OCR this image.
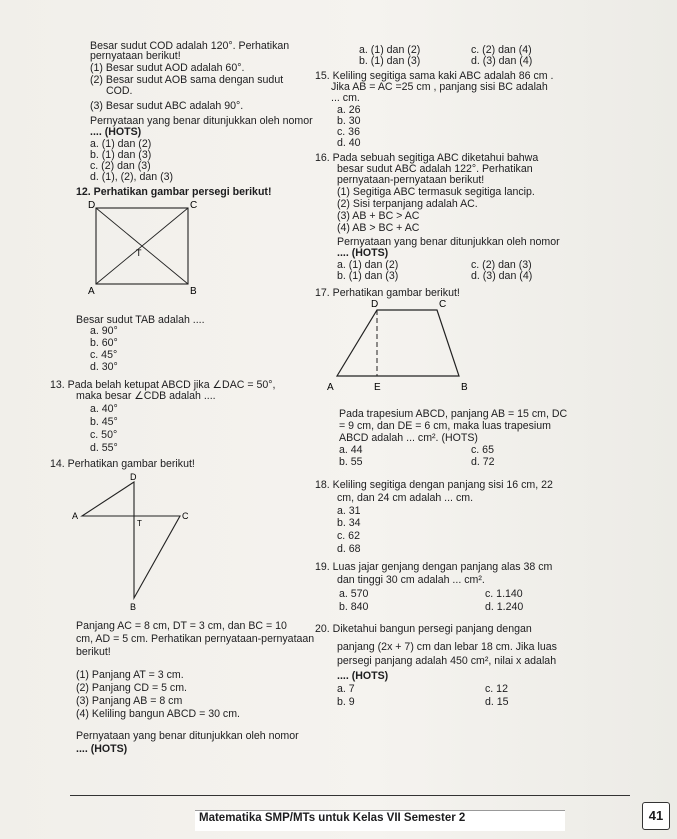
Besar sudut COD adalah 120°. Perhatikan
pernyataan berikut!
(1) Besar sudut AOD adalah 60°.
(2) Besar sudut AOB sama dengan sudut
COD.
(3) Besar sudut ABC adalah 90°.
Pernyataan yang benar ditunjukkan oleh nomor
.... (HOTS)
a. (1) dan (2)
b. (1) dan (3)
c. (2) dan (3)
d. (1), (2), dan (3)
12. Perhatikan gambar persegi berikut!
D	C
A	B
T
Besar sudut TAB adalah ....
a. 90°
b. 60°
c. 45°
d. 30°
13. Pada belah ketupat ABCD jika ∠DAC = 50°,
maka besar ∠CDB adalah ....
a. 40°
b. 45°
c. 50°
d. 55°
14. Perhatikan gambar berikut!
D
A	C
B
T
Panjang AC = 8 cm, DT = 3 cm, dan BC = 10
cm, AD = 5 cm. Perhatikan pernyataan-pernyataan
berikut!
(1) Panjang AT = 3 cm.
(2) Panjang CD = 5 cm.
(3) Panjang AB = 8 cm
(4) Keliling bangun ABCD = 30 cm.
Pernyataan yang benar ditunjukkan oleh nomor
.... (HOTS)
a. (1) dan (2)	c. (2) dan (4)
b. (1) dan (3)	d. (3) dan (4)
15. Keliling segitiga sama kaki ABC adalah 86 cm .
Jika AB = AC =25 cm , panjang sisi BC adalah
... cm.
a. 26
b. 30
c. 36
d. 40
16. Pada sebuah segitiga ABC diketahui bahwa
besar sudut ABC adalah 122°. Perhatikan
pernyataan-pernyataan berikut!
(1) Segitiga ABC termasuk segitiga lancip.
(2) Sisi terpanjang adalah AC.
(3) AB + BC > AC
(4) AB > BC + AC
Pernyataan yang benar ditunjukkan oleh nomor
.... (HOTS)
a. (1) dan (2)	c. (2) dan (3)
b. (1) dan (3)	d. (3) dan (4)
17. Perhatikan gambar berikut!
D	C
A	E	B
Pada trapesium ABCD, panjang AB = 15 cm, DC
= 9 cm, dan DE = 6 cm, maka luas trapesium
ABCD adalah ... cm². (HOTS)
a. 44	c. 65
b. 55	d. 72
18. Keliling segitiga dengan panjang sisi 16 cm, 22
cm, dan 24 cm adalah ... cm.
a. 31
b. 34
c. 62
d. 68
19. Luas jajar genjang dengan panjang alas 38 cm
dan tinggi 30 cm adalah ... cm².
a. 570	c. 1.140
b. 840	d. 1.240
20. Diketahui bangun persegi panjang dengan
panjang (2x + 7) cm dan lebar 18 cm. Jika luas
persegi panjang adalah 450 cm², nilai x adalah
.... (HOTS)
a. 7	c. 12
b. 9	d. 15
Matematika SMP/MTs untuk Kelas VII Semester 2	41
